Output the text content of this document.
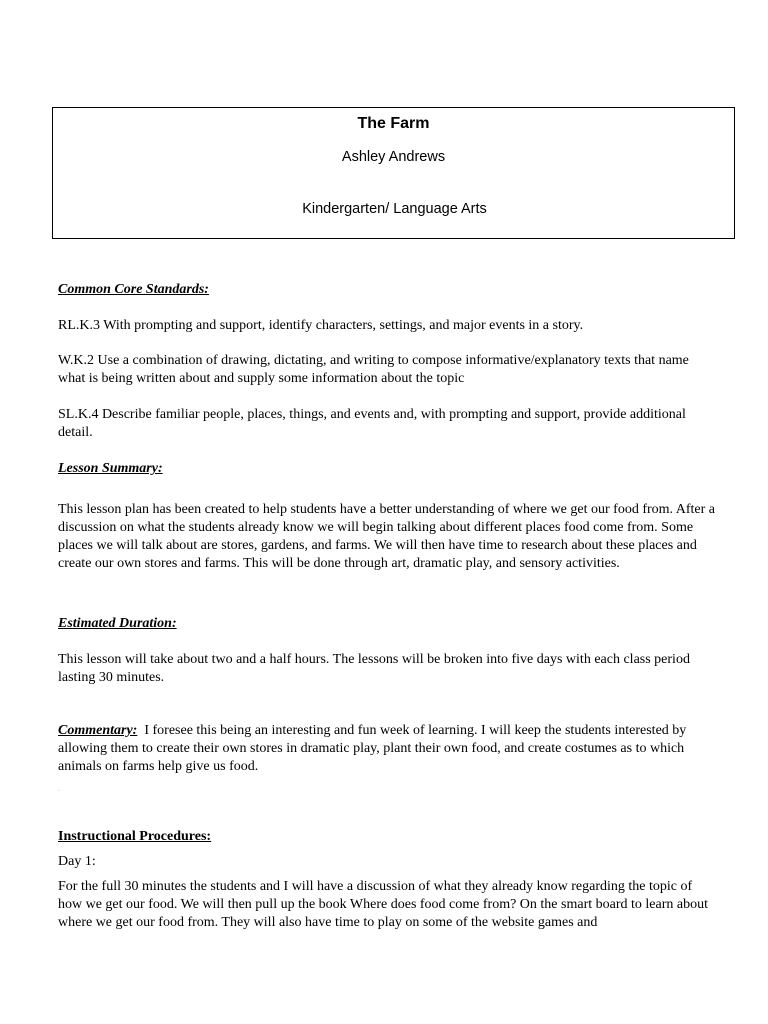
The Farm
Ashley Andrews
Kindergarten/ Language Arts
Common Core Standards:
RL.K.3 With prompting and support, identify characters, settings, and major events in a story.
W.K.2 Use a combination of drawing, dictating, and writing to compose informative/explanatory texts that name what is being written about and supply some information about the topic
SL.K.4 Describe familiar people, places, things, and events and, with prompting and support, provide additional detail.
Lesson Summary:
This lesson plan has been created to help students have a better understanding of where we get our food from. After a discussion on what the students already know we will begin talking about different places food come from. Some places we will talk about are stores, gardens, and farms. We will then have time to research about these places and create our own stores and farms. This will be done through art, dramatic play, and sensory activities.
Estimated Duration:
This lesson will take about two and a half hours. The lessons will be broken into five days with each class period lasting 30 minutes.
Commentary: I foresee this being an interesting and fun week of learning. I will keep the students interested by allowing them to create their own stores in dramatic play, plant their own food, and create costumes as to which animals on farms help give us food.
·
Instructional Procedures:
Day 1:
For the full 30 minutes the students and I will have a discussion of what they already know regarding the topic of how we get our food. We will then pull up the book Where does food come from? On the smart board to learn about where we get our food from. They will also have time to play on some of the website games and
